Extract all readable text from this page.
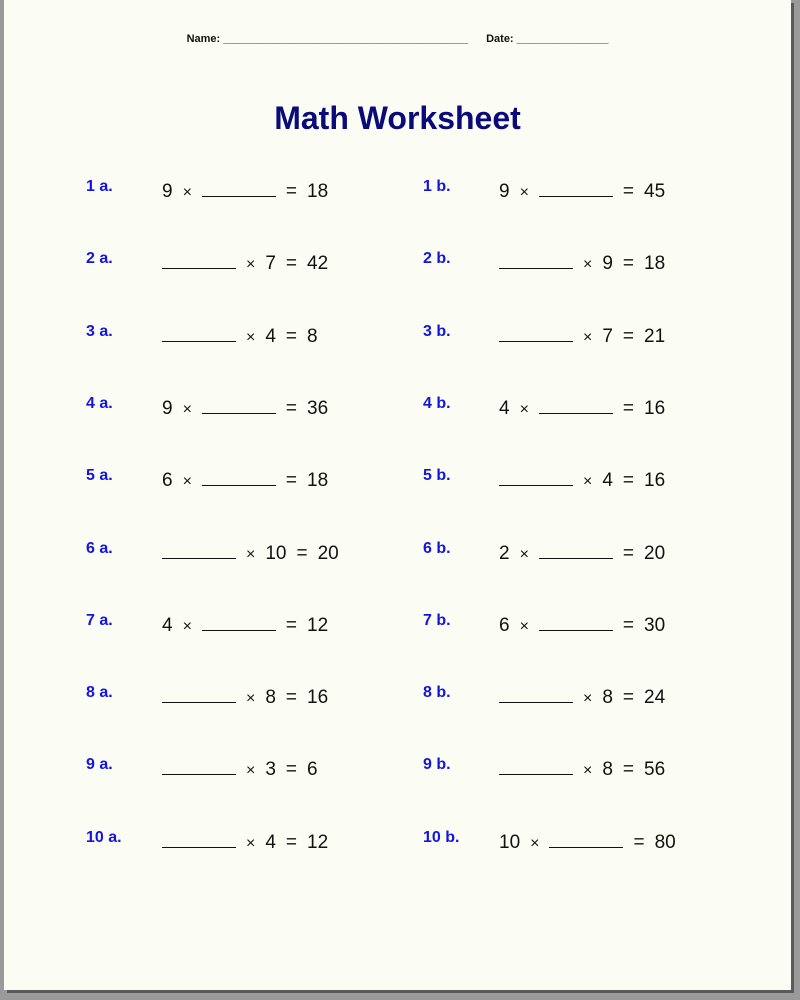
Name: ________________________________________ Date: _______________
Math Worksheet
1 a.	9 ×	= 18	1 b.	9 ×	= 45
2 a.	× 7 = 42	2 b.	× 9 = 18
3 a.	× 4 = 8	3 b.	× 7 = 21
4 a.	9 ×	= 36	4 b.	4 ×	= 16
5 a.	6 ×	= 18	5 b.	× 4 = 16
6 a.	× 10 = 20	6 b.	2 ×	= 20
7 a.	4 ×	= 12	7 b.	6 ×	= 30
8 a.	× 8 = 16	8 b.	× 8 = 24
9 a.	× 3 = 6	9 b.	× 8 = 56
10 a.	× 4 = 12	10 b. 10 ×	= 80
